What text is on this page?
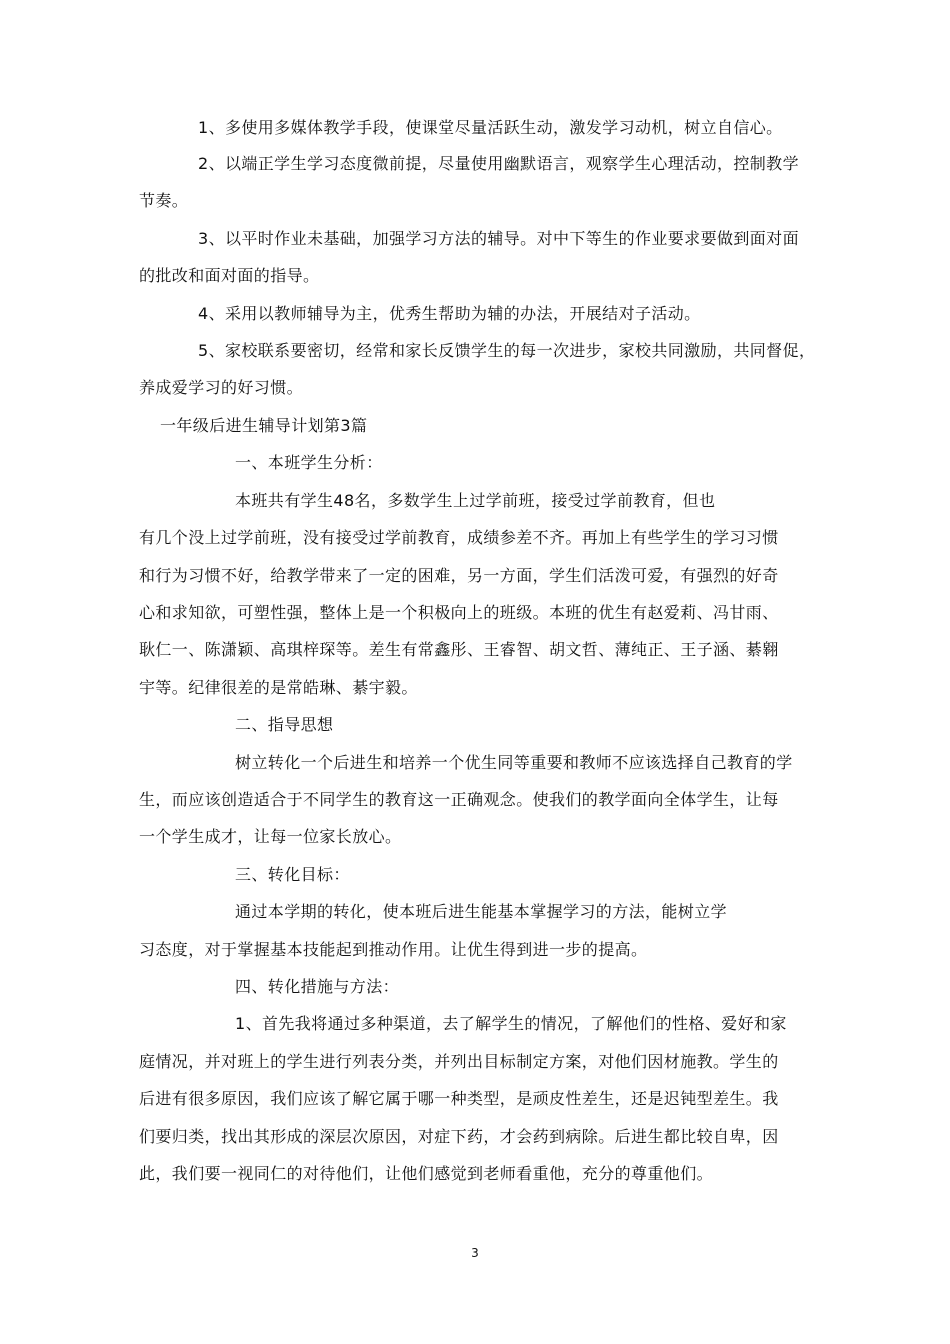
1、多使用多媒体教学手段，使课堂尽量活跃生动，激发学习动机，树立自信心。
2、以端正学生学习态度微前提，尽量使用幽默语言，观察学生心理活动，控制教学
节奏。
3、以平时作业未基础，加强学习方法的辅导。对中下等生的作业要求要做到面对面
的批改和面对面的指导。
4、采用以教师辅导为主，优秀生帮助为辅的办法，开展结对子活动。
5、家校联系要密切，经常和家长反馈学生的每一次进步，家校共同激励，共同督促，
养成爱学习的好习惯。
一年级后进生辅导计划第3篇
一、本班学生分析：
本班共有学生48名，多数学生上过学前班，接受过学前教育，但也
有几个没上过学前班，没有接受过学前教育，成绩参差不齐。再加上有些学生的学习习惯
和行为习惯不好，给教学带来了一定的困难，另一方面，学生们活泼可爱，有强烈的好奇
心和求知欲，可塑性强，整体上是一个积极向上的班级。本班的优生有赵爱莉、冯甘雨、
耿仁一、陈潇颖、高琪梓琛等。差生有常鑫彤、王睿智、胡文哲、薄纯正、王子涵、綦翱
宇等。纪律很差的是常皓琳、綦宇毅。
二、指导思想
树立转化一个后进生和培养一个优生同等重要和教师不应该选择自己教育的学
生，而应该创造适合于不同学生的教育这一正确观念。使我们的教学面向全体学生，让每
一个学生成才，让每一位家长放心。
三、转化目标：
通过本学期的转化，使本班后进生能基本掌握学习的方法，能树立学
习态度，对于掌握基本技能起到推动作用。让优生得到进一步的提高。
四、转化措施与方法：
1、首先我将通过多种渠道，去了解学生的情况，了解他们的性格、爱好和家
庭情况，并对班上的学生进行列表分类，并列出目标制定方案，对他们因材施教。学生的
后进有很多原因，我们应该了解它属于哪一种类型，是顽皮性差生，还是迟钝型差生。我
们要归类，找出其形成的深层次原因，对症下药，才会药到病除。后进生都比较自卑，因
此，我们要一视同仁的对待他们，让他们感觉到老师看重他，充分的尊重他们。
3
